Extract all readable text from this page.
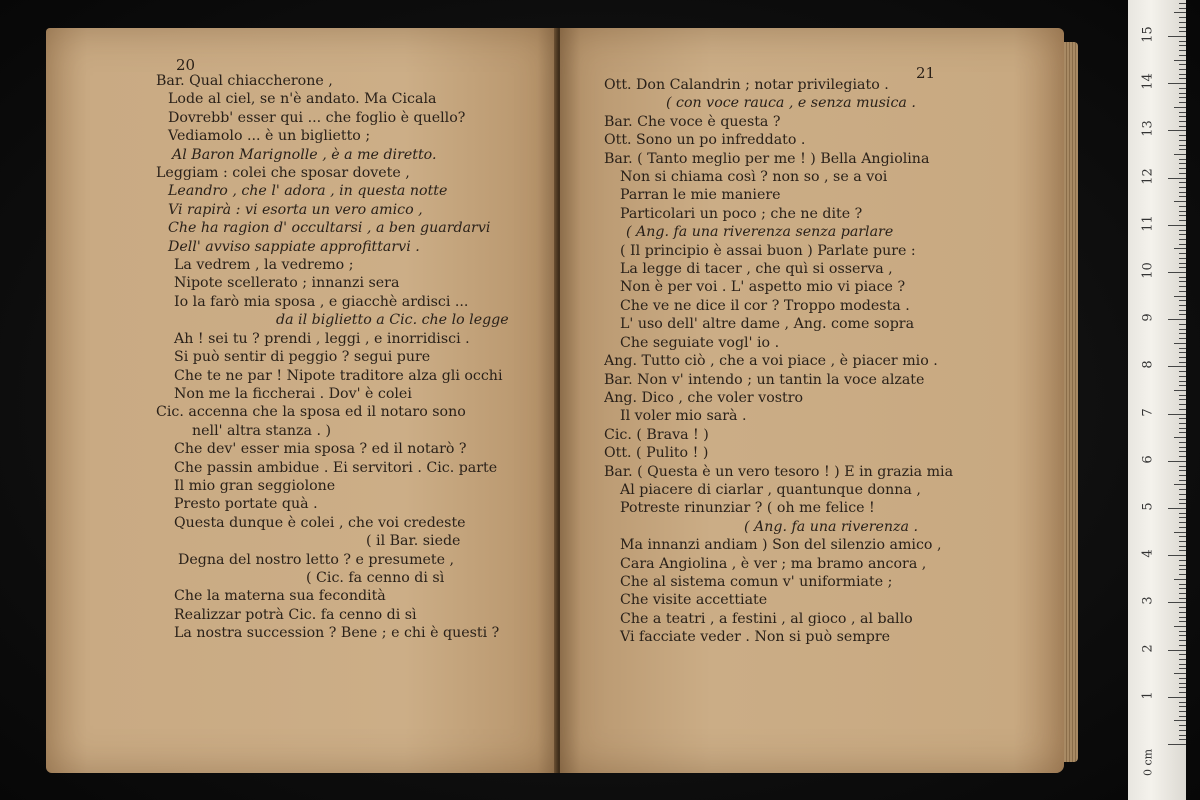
20
Bar. Qual chiaccherone ,
Lode al ciel, se n'è andato. Ma Cicala
Dovrebb' esser qui ... che foglio è quello?
Vediamolo ... è un biglietto ;
Al Baron Marignolle , è a me diretto.
Leggiam : colei che sposar dovete ,
Leandro , che l' adora , in questa notte
Vi rapirà : vi esorta un vero amico ,
Che ha ragion d' occultarsi , a ben guardarvi
Dell' avviso sappiate approfittarvi .
La vedrem , la vedremo ;
Nipote scellerato ; innanzi sera
Io la farò mia sposa , e giacchè ardisci ...
da il biglietto a Cic. che lo legge
Ah ! sei tu ? prendi , leggi , e inorridisci .
Si può sentir di peggio ? segui pure
Che te ne par ! Nipote traditore alza gli occhi
Non me la ficcherai . Dov' è colei
Cic. accenna che la sposa ed il notaro sono
nell' altra stanza . )
Che dev' esser mia sposa ? ed il notarò ?
Che passin ambidue . Ei servitori . Cic. parte
Il mio gran seggiolone
Presto portate quà .
Questa dunque è colei , che voi credeste
( il Bar. siede
Degna del nostro letto ? e presumete ,
( Cic. fa cenno di sì
Che la materna sua fecondità
Realizzar potrà Cic. fa cenno di sì
La nostra succession ? Bene ; e chi è questi ?
21
Ott. Don Calandrin ; notar privilegiato .
( con voce rauca , e senza musica .
Bar. Che voce è questa ?
Ott. Sono un po infreddato .
Bar. ( Tanto meglio per me ! ) Bella Angiolina
Non si chiama così ? non so , se a voi
Parran le mie maniere
Particolari un poco ; che ne dite ?
( Ang. fa una riverenza senza parlare
( Il principio è assai buon ) Parlate pure :
La legge di tacer , che quì si osserva ,
Non è per voi . L' aspetto mio vi piace ?
Che ve ne dice il cor ? Troppo modesta .
L' uso dell' altre dame , Ang. come sopra
Che seguiate vogl' io .
Ang. Tutto ciò , che a voi piace , è piacer mio .
Bar. Non v' intendo ; un tantin la voce alzate
Ang. Dico , che voler vostro
Il voler mio sarà .
Cic. ( Brava ! )
Ott. ( Pulito ! )
Bar. ( Questa è un vero tesoro ! ) E in grazia mia
Al piacere di ciarlar , quantunque donna ,
Potreste rinunziar ? ( oh me felice !
( Ang. fa una riverenza .
Ma innanzi andiam ) Son del silenzio amico ,
Cara Angiolina , è ver ; ma bramo ancora ,
Che al sistema comun v' uniformiate ;
Che visite accettiate
Che a teatri , a festini , al gioco , al ballo
Vi facciate veder . Non si può sempre
0 cm
1
2
3
4
5
6
7
8
9
10
11
12
13
14
15
